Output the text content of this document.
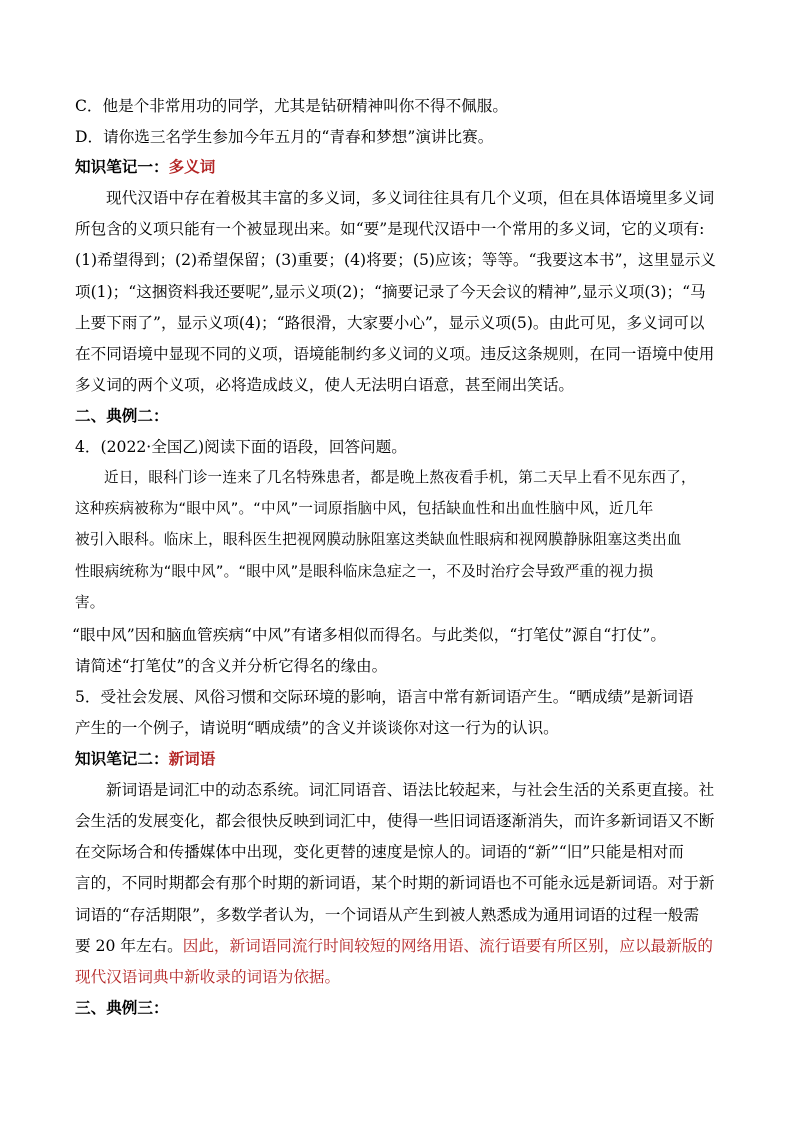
C．他是个非常用功的同学，尤其是钻研精神叫你不得不佩服。
D．请你选三名学生参加今年五月的“青春和梦想”演讲比赛。
知识笔记一：多义词
现代汉语中存在着极其丰富的多义词，多义词往往具有几个义项，但在具体语境里多义词
所包含的义项只能有一个被显现出来。如“要”是现代汉语中一个常用的多义词，它的义项有:
(1)希望得到；(2)希望保留；(3)重要；(4)将要；(5)应该；等等。“我要这本书”，这里显示义
项(1)；“这捆资料我还要呢”,显示义项(2)；“摘要记录了今天会议的精神”,显示义项(3)；“马
上要下雨了”，显示义项(4)；“路很滑，大家要小心”，显示义项(5)。由此可见，多义词可以
在不同语境中显现不同的义项，语境能制约多义词的义项。违反这条规则，在同一语境中使用
多义词的两个义项，必将造成歧义，使人无法明白语意，甚至闹出笑话。
二、典例二：
4．(2022·全国乙)阅读下面的语段，回答问题。
近日，眼科门诊一连来了几名特殊患者，都是晚上熬夜看手机，第二天早上看不见东西了，
这种疾病被称为“眼中风”。“中风”一词原指脑中风，包括缺血性和出血性脑中风，近几年
被引入眼科。临床上，眼科医生把视网膜动脉阻塞这类缺血性眼病和视网膜静脉阻塞这类出血
性眼病统称为“眼中风”。“眼中风”是眼科临床急症之一，不及时治疗会导致严重的视力损
害。
“眼中风”因和脑血管疾病“中风”有诸多相似而得名。与此类似，“打笔仗”源自“打仗”。
请简述“打笔仗”的含义并分析它得名的缘由。
5．受社会发展、风俗习惯和交际环境的影响，语言中常有新词语产生。“晒成绩”是新词语
产生的一个例子，请说明“晒成绩”的含义并谈谈你对这一行为的认识。
知识笔记二：新词语
新词语是词汇中的动态系统。词汇同语音、语法比较起来，与社会生活的关系更直接。社
会生活的发展变化，都会很快反映到词汇中，使得一些旧词语逐渐消失，而许多新词语又不断
在交际场合和传播媒体中出现，变化更替的速度是惊人的。词语的“新”“旧”只能是相对而
言的，不同时期都会有那个时期的新词语，某个时期的新词语也不可能永远是新词语。对于新
词语的“存活期限”，多数学者认为，一个词语从产生到被人熟悉成为通用词语的过程一般需
要 20 年左右。因此，新词语同流行时间较短的网络用语、流行语要有所区别，应以最新版的
现代汉语词典中新收录的词语为依据。
三、典例三：
